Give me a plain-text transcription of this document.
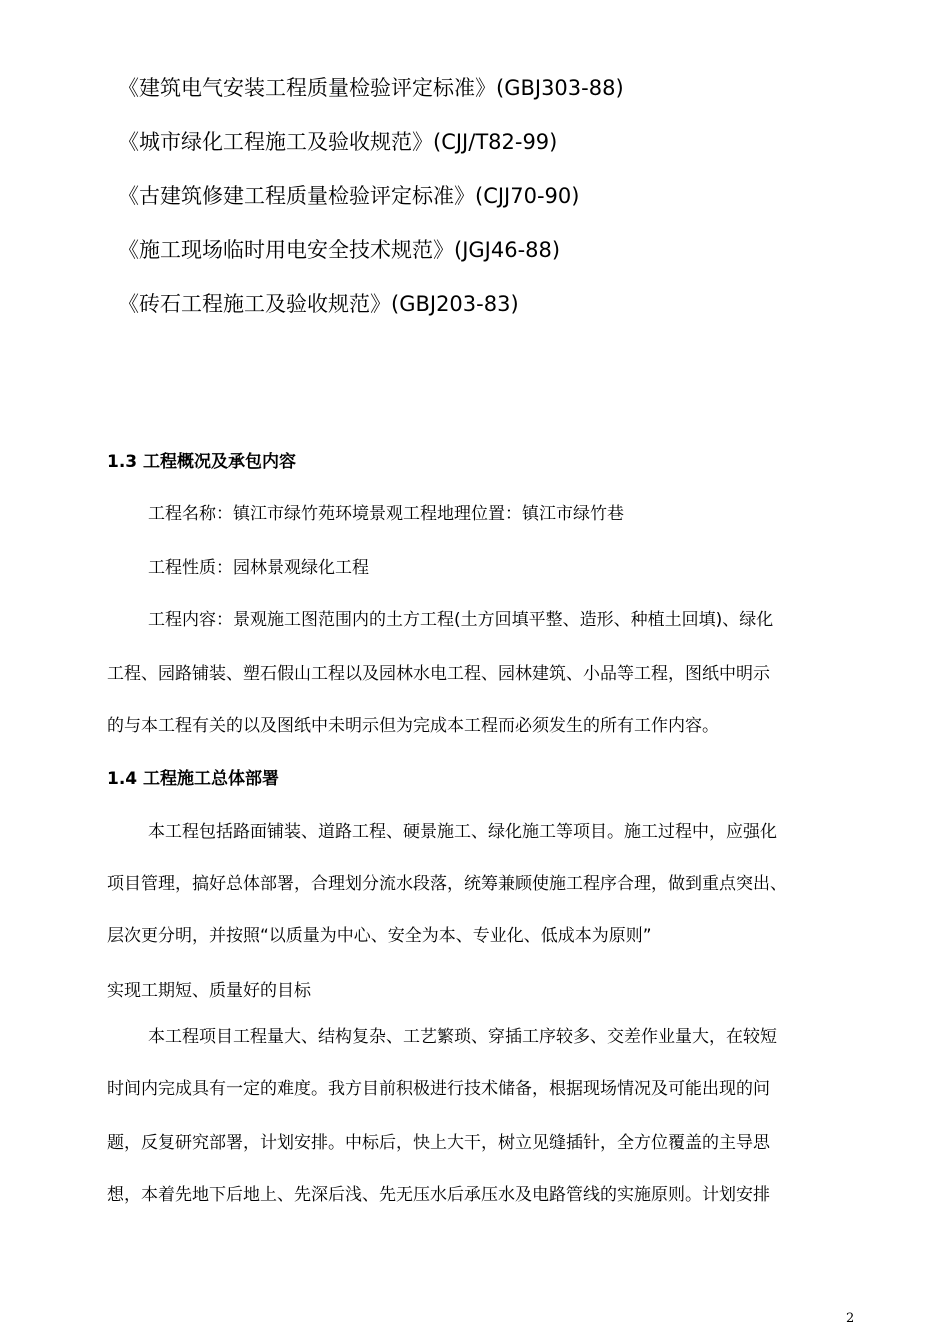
《建筑电气安装工程质量检验评定标准》(GBJ303-88)
《城市绿化工程施工及验收规范》(CJJ/T82-99)
《古建筑修建工程质量检验评定标准》(CJJ70-90)
《施工现场临时用电安全技术规范》(JGJ46-88)
《砖石工程施工及验收规范》(GBJ203-83)
1.3 工程概况及承包内容
工程名称：镇江市绿竹苑环境景观工程地理位置：镇江市绿竹巷
工程性质：园林景观绿化工程
工程内容：景观施工图范围内的土方工程(土方回填平整、造形、种植土回填)、绿化
工程、园路铺装、塑石假山工程以及园林水电工程、园林建筑、小品等工程，图纸中明示
的与本工程有关的以及图纸中未明示但为完成本工程而必须发生的所有工作内容。
1.4 工程施工总体部署
本工程包括路面铺装、道路工程、硬景施工、绿化施工等项目。施工过程中，应强化
项目管理，搞好总体部署，合理划分流水段落，统筹兼顾使施工程序合理，做到重点突出、
层次更分明，并按照“以质量为中心、安全为本、专业化、低成本为原则”
实现工期短、质量好的目标
本工程项目工程量大、结构复杂、工艺繁琐、穿插工序较多、交差作业量大，在较短
时间内完成具有一定的难度。我方目前积极进行技术储备，根据现场情况及可能出现的问
题，反复研究部署，计划安排。中标后，快上大干，树立见缝插针，全方位覆盖的主导思
想，本着先地下后地上、先深后浅、先无压水后承压水及电路管线的实施原则。计划安排
2
